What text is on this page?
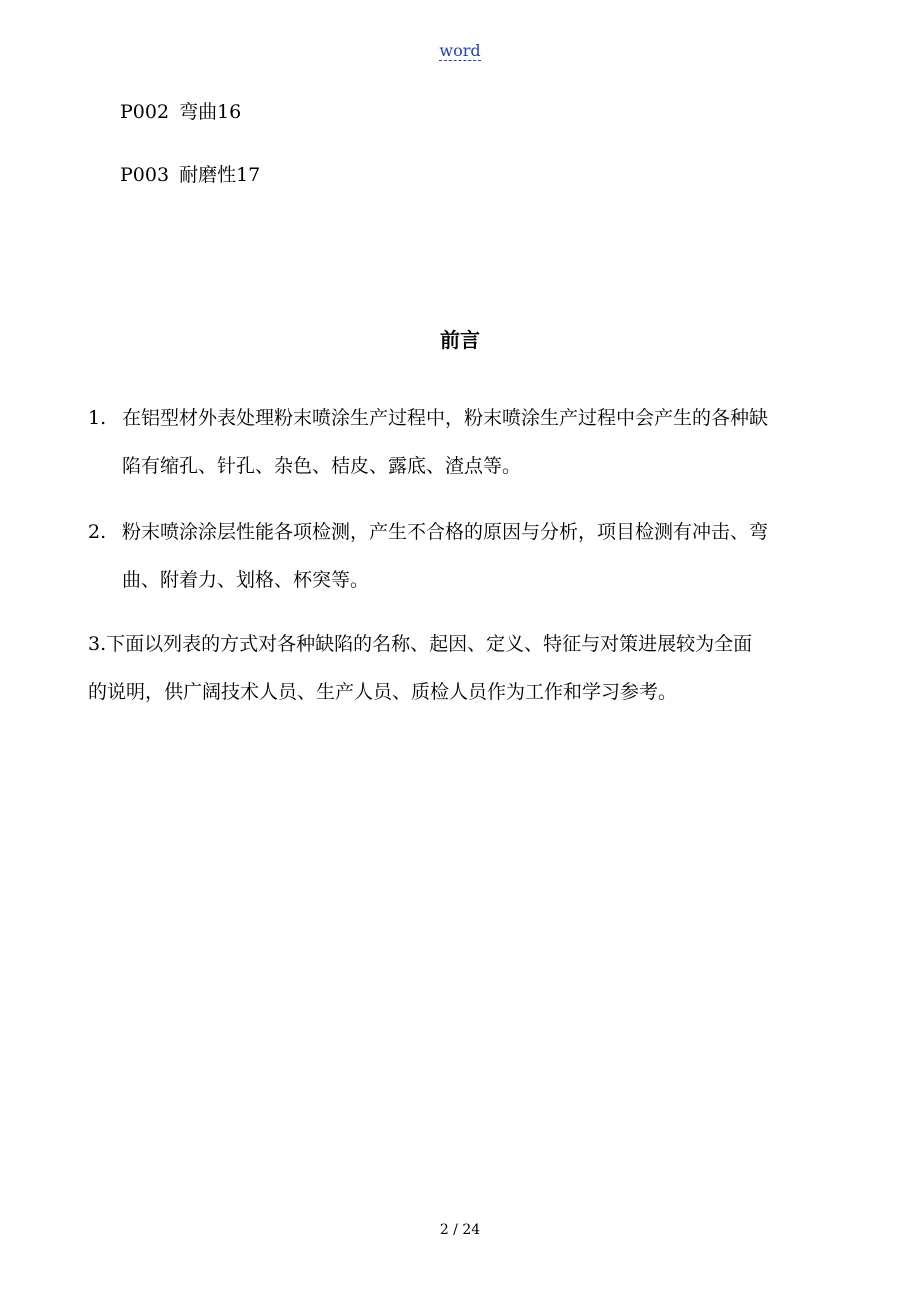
word
P002 弯曲16
P003 耐磨性17
前言
1. 在铝型材外表处理粉末喷涂生产过程中，粉末喷涂生产过程中会产生的各种缺
陷有缩孔、针孔、杂色、桔皮、露底、渣点等。
2. 粉末喷涂涂层性能各项检测，产生不合格的原因与分析，项目检测有冲击、弯
曲、附着力、划格、杯突等。
3.下面以列表的方式对各种缺陷的名称、起因、定义、特征与对策进展较为全面
的说明，供广阔技术人员、生产人员、质检人员作为工作和学习参考。
2 / 24
